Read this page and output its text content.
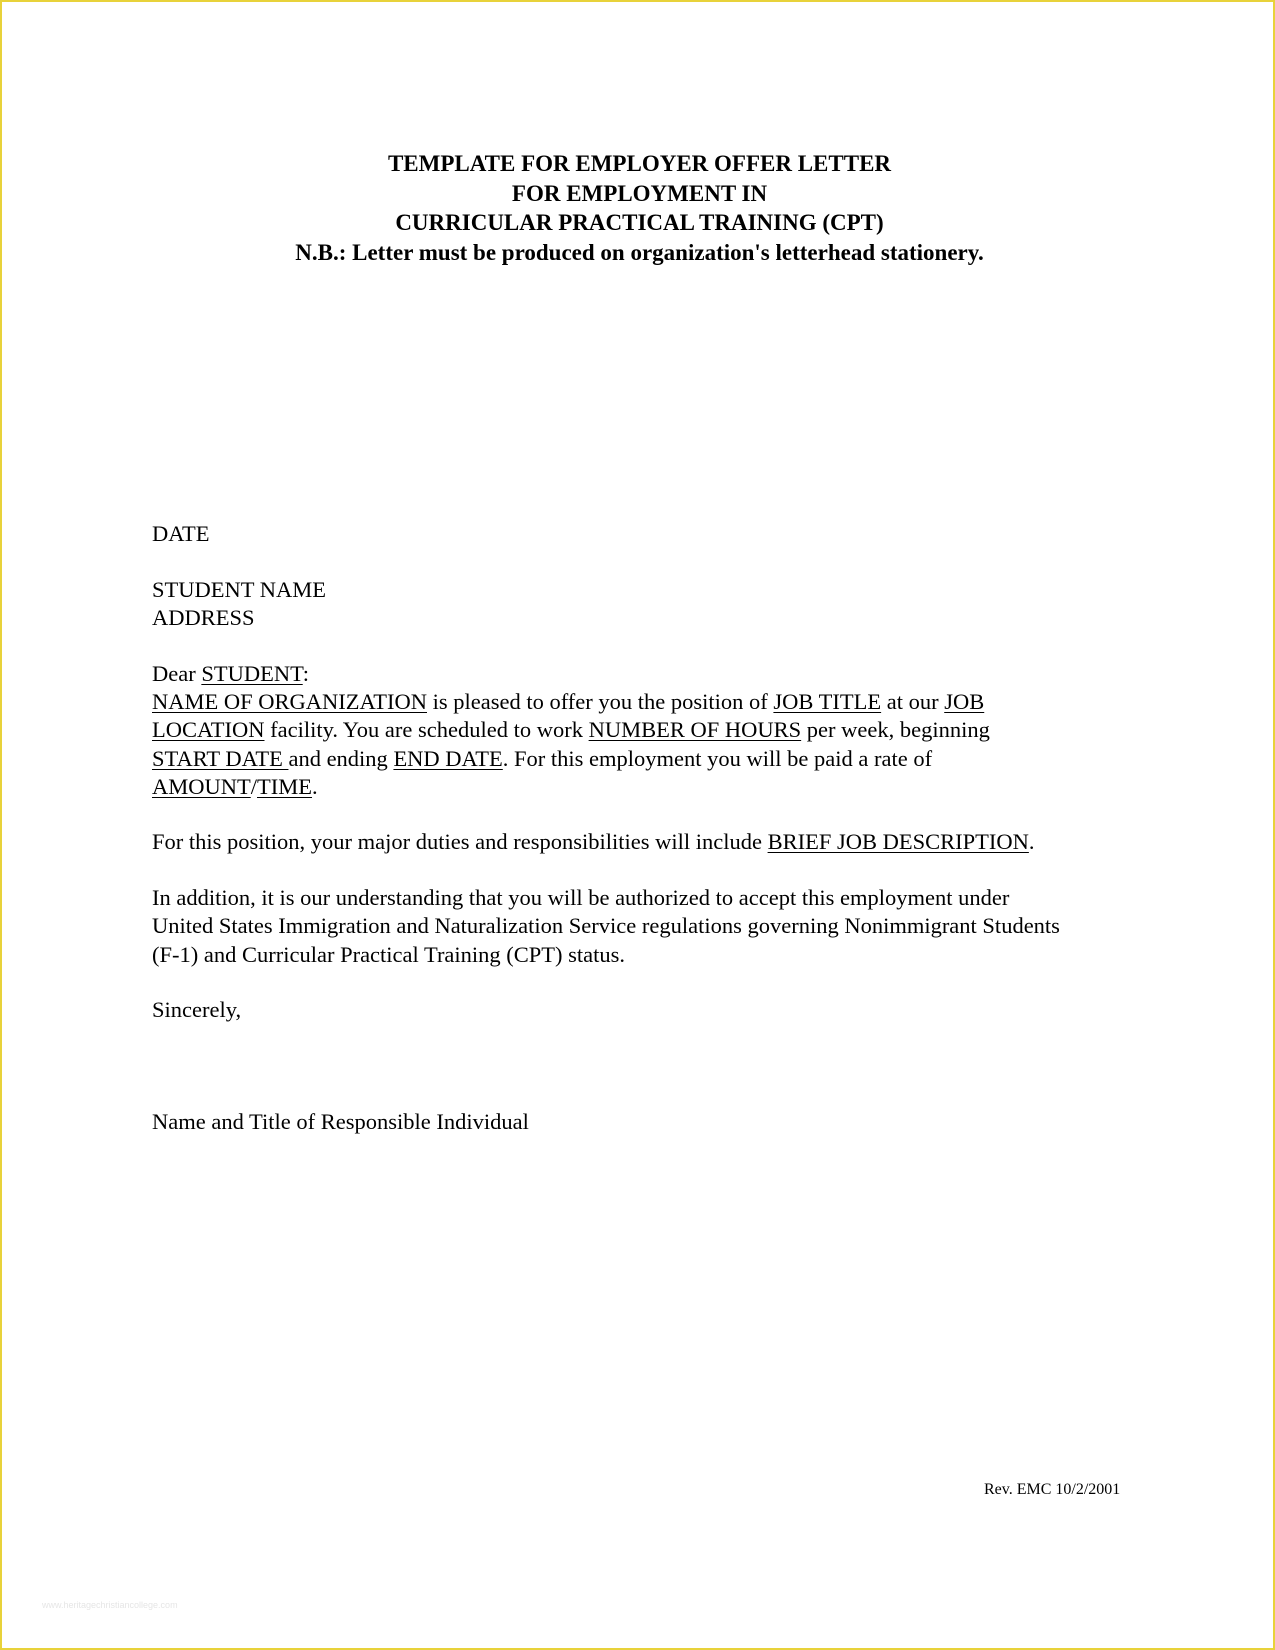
TEMPLATE FOR EMPLOYER OFFER LETTER
FOR EMPLOYMENT IN
CURRICULAR PRACTICAL TRAINING (CPT)
N.B.: Letter must be produced on organization's letterhead stationery.
DATE
STUDENT NAME
ADDRESS
Dear STUDENT:
NAME OF ORGANIZATION is pleased to offer you the position of JOB TITLE at our JOB
LOCATION facility. You are scheduled to work NUMBER OF HOURS per week, beginning
START DATE and ending END DATE. For this employment you will be paid a rate of
AMOUNT/TIME.
For this position, your major duties and responsibilities will include BRIEF JOB DESCRIPTION.
In addition, it is our understanding that you will be authorized to accept this employment under
United States Immigration and Naturalization Service regulations governing Nonimmigrant Students
(F-1) and Curricular Practical Training (CPT) status.
Sincerely,
Name and Title of Responsible Individual
Rev. EMC 10/2/2001
www.heritagechristiancollege.com
